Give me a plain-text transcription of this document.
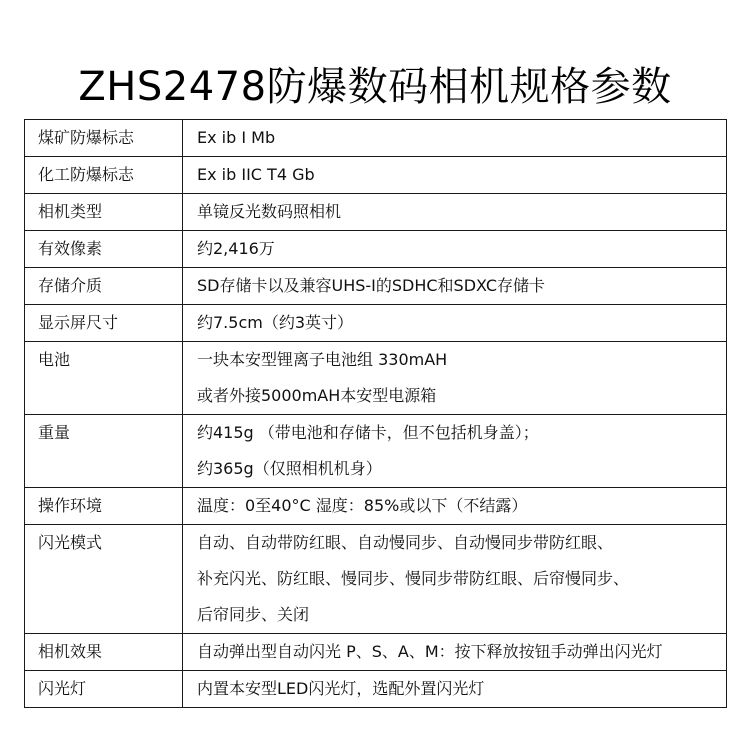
ZHS2478防爆数码相机规格参数
煤矿防爆标志	Ex ib I Mb

化工防爆标志	Ex ib IIC T4 Gb

相机类型	单镜反光数码照相机

有效像素	约2,416万

存储介质	SD存储卡以及兼容UHS-I的SDHC和SDXC存储卡

显示屏尺寸	约7.5cm（约3英寸）

电池	一块本安型锂离子电池组 330mAH
或者外接5000mAH本安型电源箱

重量	约415g （带电池和存储卡，但不包括机身盖）；
约365g（仅照相机机身）

操作环境	温度：0至40°C 湿度：85%或以下（不结露）

闪光模式	自动、自动带防红眼、自动慢同步、自动慢同步带防红眼、
补充闪光、防红眼、慢同步、慢同步带防红眼、后帘慢同步、
后帘同步、关闭

相机效果	自动弹出型自动闪光 P、S、A、M：按下释放按钮手动弹出闪光灯

闪光灯	内置本安型LED闪光灯，选配外置闪光灯
